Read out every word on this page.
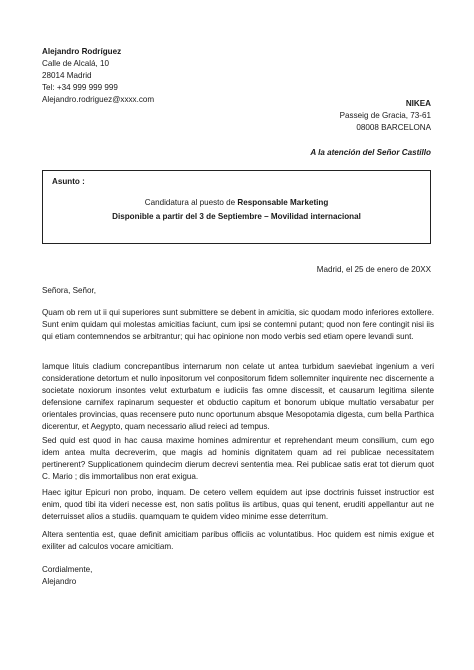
Alejandro Rodríguez
Calle de Alcalá, 10
28014 Madrid
Tel: +34 999 999 999
Alejandro.rodriguez@xxxx.com	NIKEA
Passeig de Gracia, 73-61
08008 BARCELONA
A la atención del Señor Castillo
Asunto :
Candidatura al puesto de Responsable Marketing
Disponible a partir del 3 de Septiembre – Movilidad internacional
Madrid, el 25 de enero de 20XX
Señora, Señor,
Quam ob rem ut ii qui superiores sunt submittere se debent in amicitia, sic quodam modo inferiores extollere. Sunt enim quidam qui molestas amicitias faciunt, cum ipsi se contemni putant; quod non fere contingit nisi iis qui etiam contemnendos se arbitrantur; qui hac opinione non modo verbis sed etiam opere levandi sunt.
Iamque lituis cladium concrepantibus internarum non celate ut antea turbidum saeviebat ingenium a veri consideratione detortum et nullo inpositorum vel conpositorum fidem sollemniter inquirente nec discernente a societate noxiorum insontes velut exturbatum e iudiciis fas omne discessit, et causarum legitima silente defensione carnifex rapinarum sequester et obductio capitum et bonorum ubique multatio versabatur per orientales provincias, quas recensere puto nunc oportunum absque Mesopotamia digesta, cum bella Parthica dicerentur, et Aegypto, quam necessario aliud reieci ad tempus.
Sed quid est quod in hac causa maxime homines admirentur et reprehendant meum consilium, cum ego idem antea multa decreverim, que magis ad hominis dignitatem quam ad rei publicae necessitatem pertinerent? Supplicationem quindecim dierum decrevi sententia mea. Rei publicae satis erat tot dierum quot C. Mario ; dis immortalibus non erat exigua.
Haec igitur Epicuri non probo, inquam. De cetero vellem equidem aut ipse doctrinis fuisset instructior est enim, quod tibi ita videri necesse est, non satis politus iis artibus, quas qui tenent, eruditi appellantur aut ne deterruisset alios a studiis. quamquam te quidem video minime esse deterritum.
Altera sententia est, quae definit amicitiam paribus officiis ac voluntatibus. Hoc quidem est nimis exigue et exiliter ad calculos vocare amicitiam.
Cordialmente,
Alejandro
